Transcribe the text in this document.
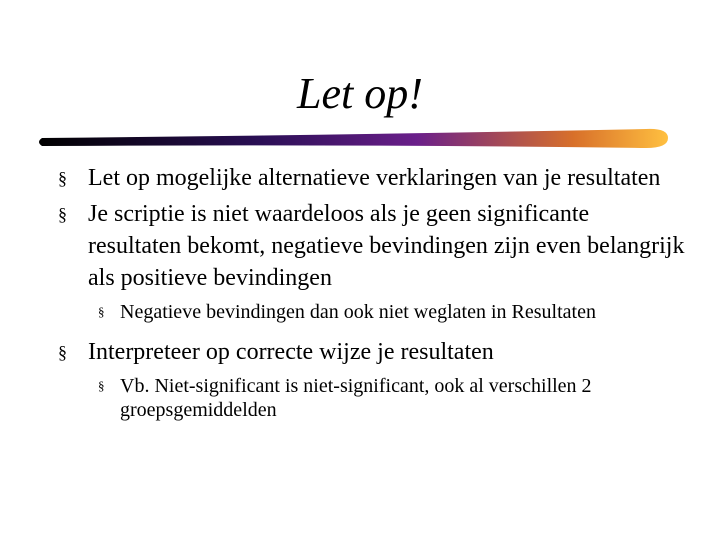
Let op!
§ Let op mogelijke alternatieve verklaringen van je resultaten
§ Je scriptie is niet waardeloos als je geen significante resultaten bekomt, negatieve bevindingen zijn even belangrijk als positieve bevindingen
§ Negatieve bevindingen dan ook niet weglaten in Resultaten
§ Interpreteer op correcte wijze je resultaten
§ Vb. Niet-significant is niet-significant, ook al verschillen 2 groepsgemiddelden
